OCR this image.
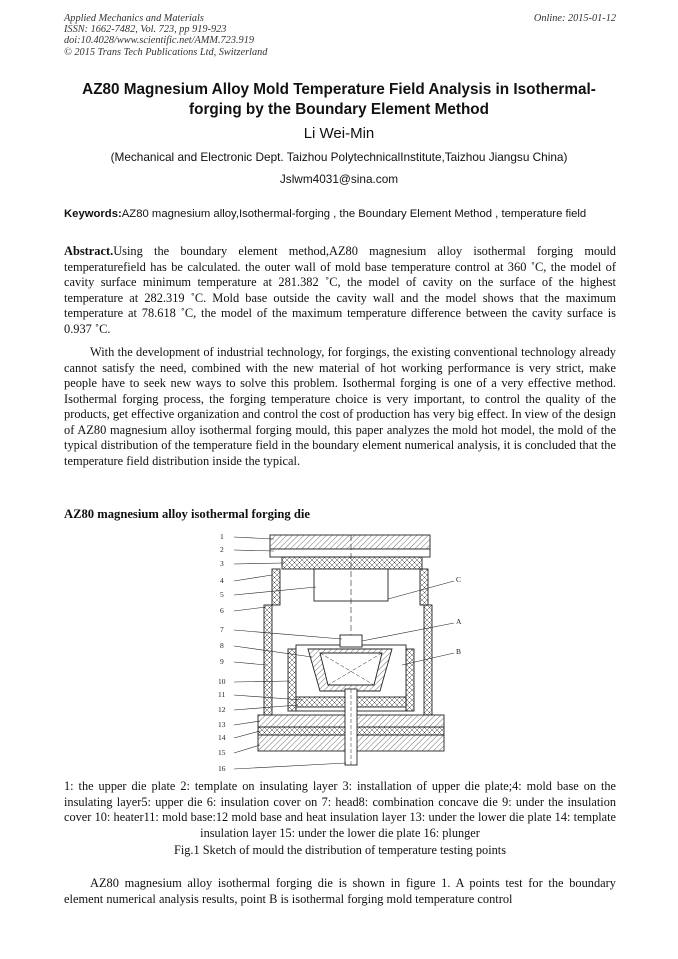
Applied Mechanics and Materials
ISSN: 1662-7482, Vol. 723, pp 919-923
doi:10.4028/www.scientific.net/AMM.723.919
© 2015 Trans Tech Publications Ltd, Switzerland
Online: 2015-01-12
AZ80 Magnesium Alloy Mold Temperature Field Analysis in Isothermal-forging by the Boundary Element Method
Li Wei-Min
(Mechanical and Electronic Dept. Taizhou PolytechnicalInstitute,Taizhou Jiangsu China)
Jslwm4031@sina.com
Keywords:AZ80 magnesium alloy,Isothermal-forging , the Boundary Element Method , temperature field
Abstract.Using the boundary element method,AZ80 magnesium alloy isothermal forging mould temperaturefield has be calculated. the outer wall of mold base temperature control at 360 ˚C, the model of cavity surface minimum temperature at 281.382 ˚C, the model of cavity on the surface of the highest temperature at 282.319 ˚C. Mold base outside the cavity wall and the model shows that the maximum temperature at 78.618 ˚C, the model of the maximum temperature difference between the cavity surface is 0.937 ˚C.
With the development of industrial technology, for forgings, the existing conventional technology already cannot satisfy the need, combined with the new material of hot working performance is very strict, make people have to seek new ways to solve this problem. Isothermal forging is one of a very effective method. Isothermal forging process, the forging temperature choice is very important, to control the quality of the products, get effective organization and control the cost of production has very big effect. In view of the design of AZ80 magnesium alloy isothermal forging mould, this paper analyzes the mold hot model, the mold of the typical distribution of the temperature field in the boundary element numerical analysis, it is concluded that the temperature field distribution inside the typical.
AZ80 magnesium alloy isothermal forging die
1
2
3
4
5
6
7
8
9
10
11
12
13
14
15
16
C
A
B
1: the upper die plate 2: template on insulating layer 3: installation of upper die plate;4: mold base on the insulating layer5: upper die 6: insulation cover on 7: head8: combination concave die 9: under the insulation cover 10: heater11: mold base:12 mold base and heat insulation layer 13: under the lower die plate 14: template insulation layer 15: under the lower die plate 16: plunger
Fig.1 Sketch of mould the distribution of temperature testing points
AZ80 magnesium alloy isothermal forging die is shown in figure 1. A points test for the boundary element numerical analysis results, point B is isothermal forging mold temperature control
